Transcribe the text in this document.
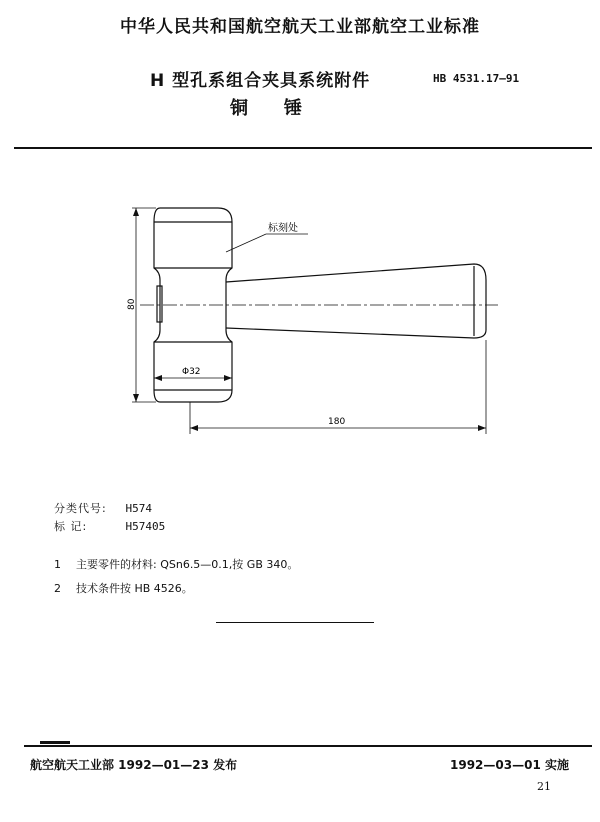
中华人民共和国航空航天工业部航空工业标准
H 型孔系组合夹具系统附件
铜锤
HB 4531.17—91
标刻处
80
Φ32
180
分类代号: H574
标 记:	H57405
1 主要零件的材料: QSn6.5—0.1,按 GB 340。
2 技术条件按 HB 4526。
航空航天工业部 1992—01—23 发布	1992—03—01 实施
21
